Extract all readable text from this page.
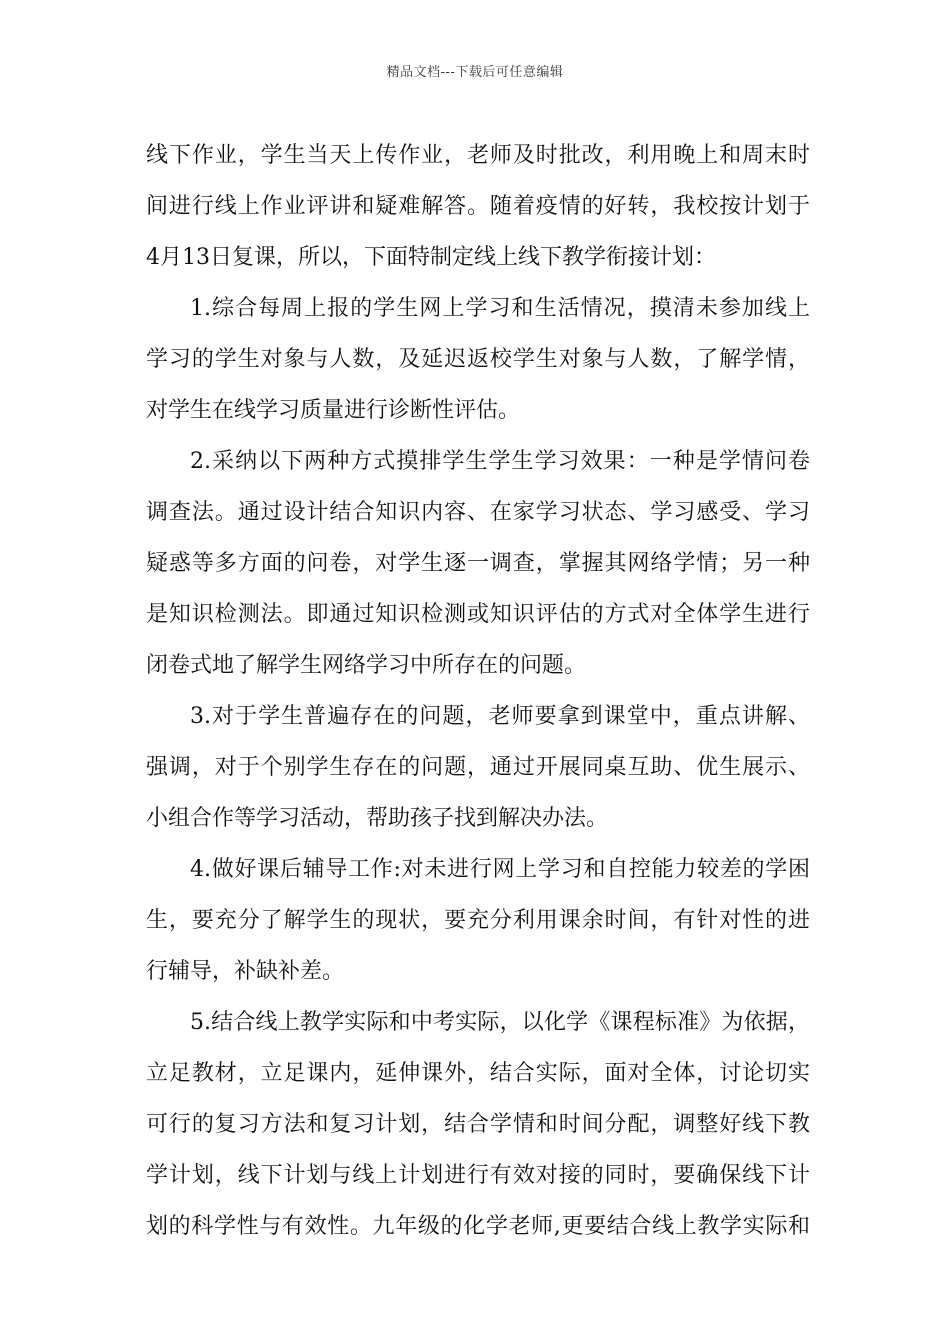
精品文档---下载后可任意编辑
线下作业，学生当天上传作业，老师及时批改，利用晚上和周末时
间进行线上作业评讲和疑难解答。随着疫情的好转，我校按计划于
4月13日复课，所以，下面特制定线上线下教学衔接计划：
1.综合每周上报的学生网上学习和生活情况，摸清未参加线上
学习的学生对象与人数，及延迟返校学生对象与人数，了解学情，
对学生在线学习质量进行诊断性评估。
2.采纳以下两种方式摸排学生学生学习效果：一种是学情问卷
调查法。通过设计结合知识内容、在家学习状态、学习感受、学习
疑惑等多方面的问卷，对学生逐一调查，掌握其网络学情；另一种
是知识检测法。即通过知识检测或知识评估的方式对全体学生进行
闭卷式地了解学生网络学习中所存在的问题。
3.对于学生普遍存在的问题，老师要拿到课堂中，重点讲解、
强调，对于个别学生存在的问题，通过开展同桌互助、优生展示、
小组合作等学习活动，帮助孩子找到解决办法。
4.做好课后辅导工作:对未进行网上学习和自控能力较差的学困
生，要充分了解学生的现状，要充分利用课余时间，有针对性的进
行辅导，补缺补差。
5.结合线上教学实际和中考实际，以化学《课程标准》为依据，
立足教材，立足课内，延伸课外，结合实际，面对全体，讨论切实
可行的复习方法和复习计划，结合学情和时间分配，调整好线下教
学计划，线下计划与线上计划进行有效对接的同时，要确保线下计
划的科学性与有效性。九年级的化学老师,更要结合线上教学实际和
